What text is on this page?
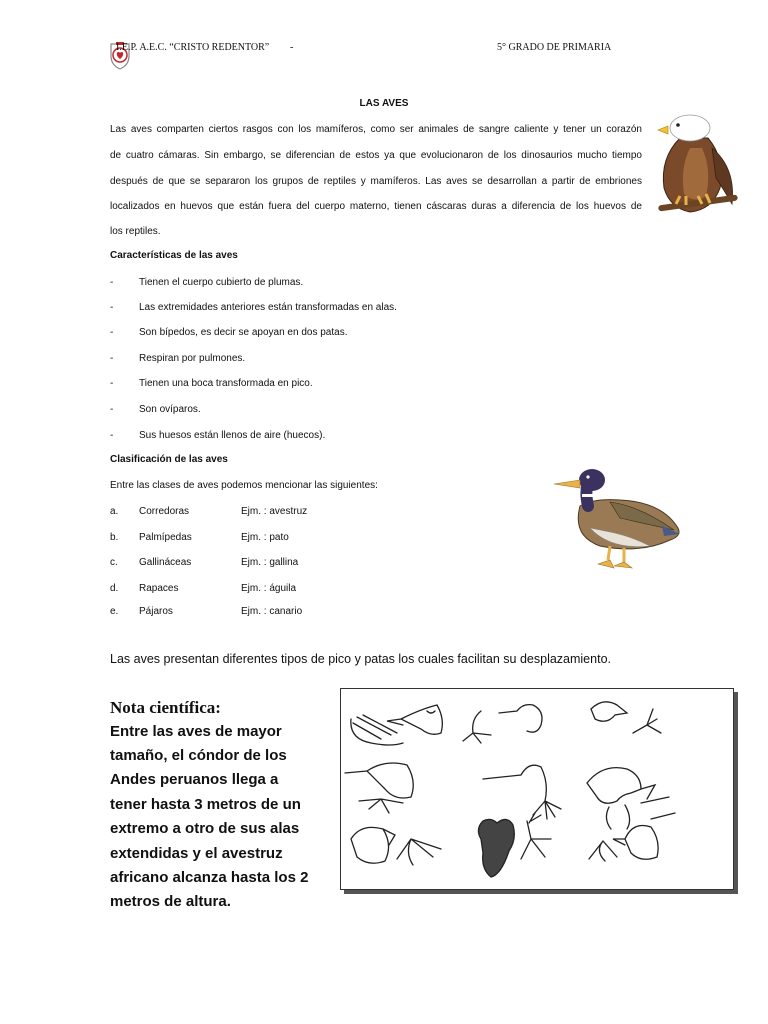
I.E.P. A.E.C. “CRISTO REDENTOR” -	5° GRADO DE PRIMARIA
LAS AVES
Las aves comparten ciertos rasgos con los mamíferos, como ser animales de sangre caliente y tener un corazón
de cuatro cámaras. Sin embargo, se diferencian de estos ya que evolucionaron de los dinosaurios mucho tiempo
después de que se separaron los grupos de reptiles y mamíferos. Las aves se desarrollan a partir de embriones
localizados en huevos que están fuera del cuerpo materno, tienen cáscaras duras a diferencia de los huevos de
los reptiles.
Características de las aves
-	Tienen el cuerpo cubierto de plumas.
-	Las extremidades anteriores están transformadas en alas.
-	Son bípedos, es decir se apoyan en dos patas.
-	Respiran por pulmones.
-	Tienen una boca transformada en pico.
-	Son ovíparos.
-	Sus huesos están llenos de aire (huecos).
Clasificación de las aves
Entre las clases de aves podemos mencionar las siguientes:
a. Corredoras	Ejm. : avestruz
b. Palmípedas	Ejm. : pato
c. Gallináceas	Ejm. : gallina
d. Rapaces	Ejm. : águila
e. Pájaros	Ejm. : canario
Las aves presentan diferentes tipos de pico y patas los cuales facilitan su desplazamiento.
Nota científica:
Entre las aves de mayor
tamaño, el cóndor de los
Andes peruanos llega a
tener hasta 3 metros de un
extremo a otro de sus alas
extendidas y el avestruz
africano alcanza hasta los 2
metros de altura.
